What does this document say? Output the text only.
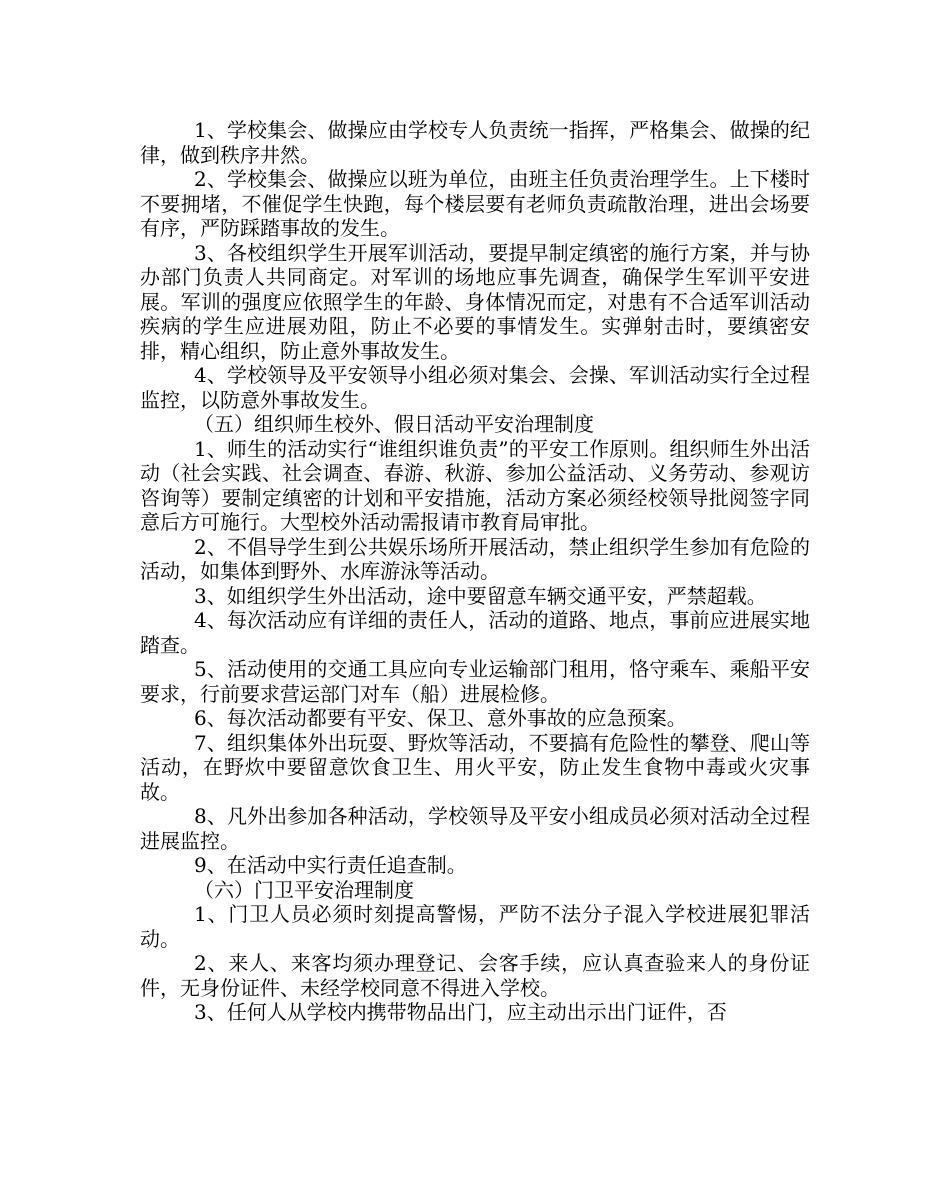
1、学校集会、做操应由学校专人负责统一指挥，严格集会、做操的纪律，做到秩序井然。

2、学校集会、做操应以班为单位，由班主任负责治理学生。上下楼时不要拥堵，不催促学生快跑，每个楼层要有老师负责疏散治理，进出会场要有序，严防踩踏事故的发生。

3、各校组织学生开展军训活动，要提早制定缜密的施行方案，并与协办部门负责人共同商定。对军训的场地应事先调查，确保学生军训平安进展。军训的强度应依照学生的年龄、身体情况而定，对患有不合适军训活动疾病的学生应进展劝阻，防止不必要的事情发生。实弹射击时，要缜密安排，精心组织，防止意外事故发生。

4、学校领导及平安领导小组必须对集会、会操、军训活动实行全过程监控，以防意外事故发生。

（五）组织师生校外、假日活动平安治理制度

1、师生的活动实行“谁组织谁负责”的平安工作原则。组织师生外出活动（社会实践、社会调查、春游、秋游、参加公益活动、义务劳动、参观访咨询等）要制定缜密的计划和平安措施，活动方案必须经校领导批阅签字同意后方可施行。大型校外活动需报请市教育局审批。

2、不倡导学生到公共娱乐场所开展活动，禁止组织学生参加有危险的活动，如集体到野外、水库游泳等活动。

3、如组织学生外出活动，途中要留意车辆交通平安，严禁超载。

4、每次活动应有详细的责任人，活动的道路、地点，事前应进展实地踏查。

5、活动使用的交通工具应向专业运输部门租用，恪守乘车、乘船平安要求，行前要求营运部门对车（船）进展检修。

6、每次活动都要有平安、保卫、意外事故的应急预案。

7、组织集体外出玩耍、野炊等活动，不要搞有危险性的攀登、爬山等活动，在野炊中要留意饮食卫生、用火平安，防止发生食物中毒或火灾事故。

8、凡外出参加各种活动，学校领导及平安小组成员必须对活动全过程进展监控。

9、在活动中实行责任追查制。

（六）门卫平安治理制度

1、门卫人员必须时刻提高警惕，严防不法分子混入学校进展犯罪活动。

2、来人、来客均须办理登记、会客手续，应认真查验来人的身份证件，无身份证件、未经学校同意不得进入学校。

3、任何人从学校内携带物品出门，应主动出示出门证件，否
